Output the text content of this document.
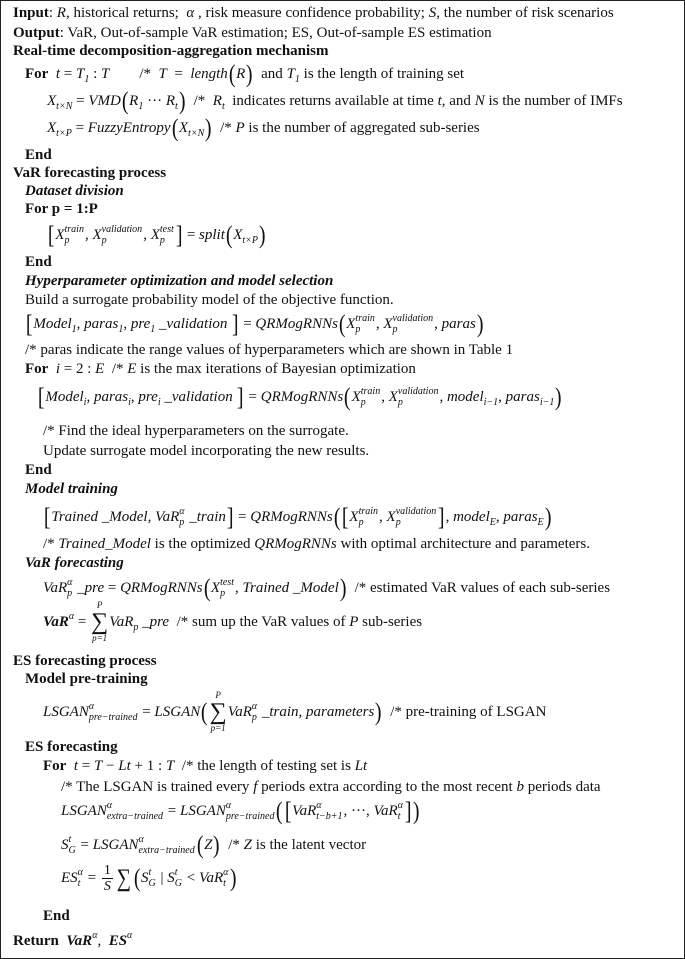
Input : R , historical returns; α , risk measure confidence probability; S , the number of risk scenarios
Output : VaR, Out-of-sample VaR estimation; ES, Out-of-sample ES estimation
Real-time decomposition-aggregation mechanism
For
t = T 1 : T /* T = length ( R ) and T 1 is the length of training set
X t×N = VMD ( R 1 ··· R t ) /* R t indicates returns available at time t , and N is the number of IMFs
X t×P = FuzzyEntropy ( X t×N ) /* P is the number of aggregated sub-series
End
VaR forecasting process
Dataset division
For p = 1:P
[ X train
p	, X validation
p	, X test
p ] = split ( X t×P )
End
Hyperparameter optimization and model selection
Build a surrogate probability model of the objective function.
[ Model 1 , paras 1 , pre 1 _validation ] = QRMogRNNs ( X train
p	, X validation
p	, paras )
/* paras indicate the range values of hyperparameters which are shown in Table 1
For
i = 2 : E /* E is the max iterations of Bayesian optimization
[ Model i , paras i , pre i _validation ] = QRMogRNNs ( X train
p	, X validation
p	, model i−1 , paras i−1 )
/* Find the ideal hyperparameters on the surrogate.
Update surrogate model incorporating the new results.
End
Model training
[ Trained _Model, VaR α
p _train ] = QRMogRNNs ( [ X train
p	, X validation
p	] , model E , paras E )
/* Trained_Model is the optimized QRMogRNNs with optimal architecture and parameters.
VaR forecasting
VaR α
p _pre = QRMogRNNs ( X test
p , Trained _Model ) /* estimated VaR values of each sub-series
VaR α =
P
∑
p=1
VaR p _pre /* sum up the VaR values of P sub-series
ES forecasting process
Model pre-training
LSGAN α
pre−trained = LSGAN (
P
∑
p=1
VaR α
p _train, parameters ) /* pre-training of LSGAN
ES forecasting
For
t = T − Lt + 1 : T /* the length of testing set is Lt
/* The LSGAN is trained every f periods extra according to the most recent b periods data
LSGAN α
extra−trained = LSGAN α
pre−trained ( [ VaR α
t−b+1 , ···, VaR α
t ] )
S t
G = LSGAN α
extra−trained ( Z ) /* Z is the latent vector
ES α
$t = \frac{1}{S}$ ∑ ( S t
G | S t
G < VaR α
t )
End
Return
VaR α , ES α
